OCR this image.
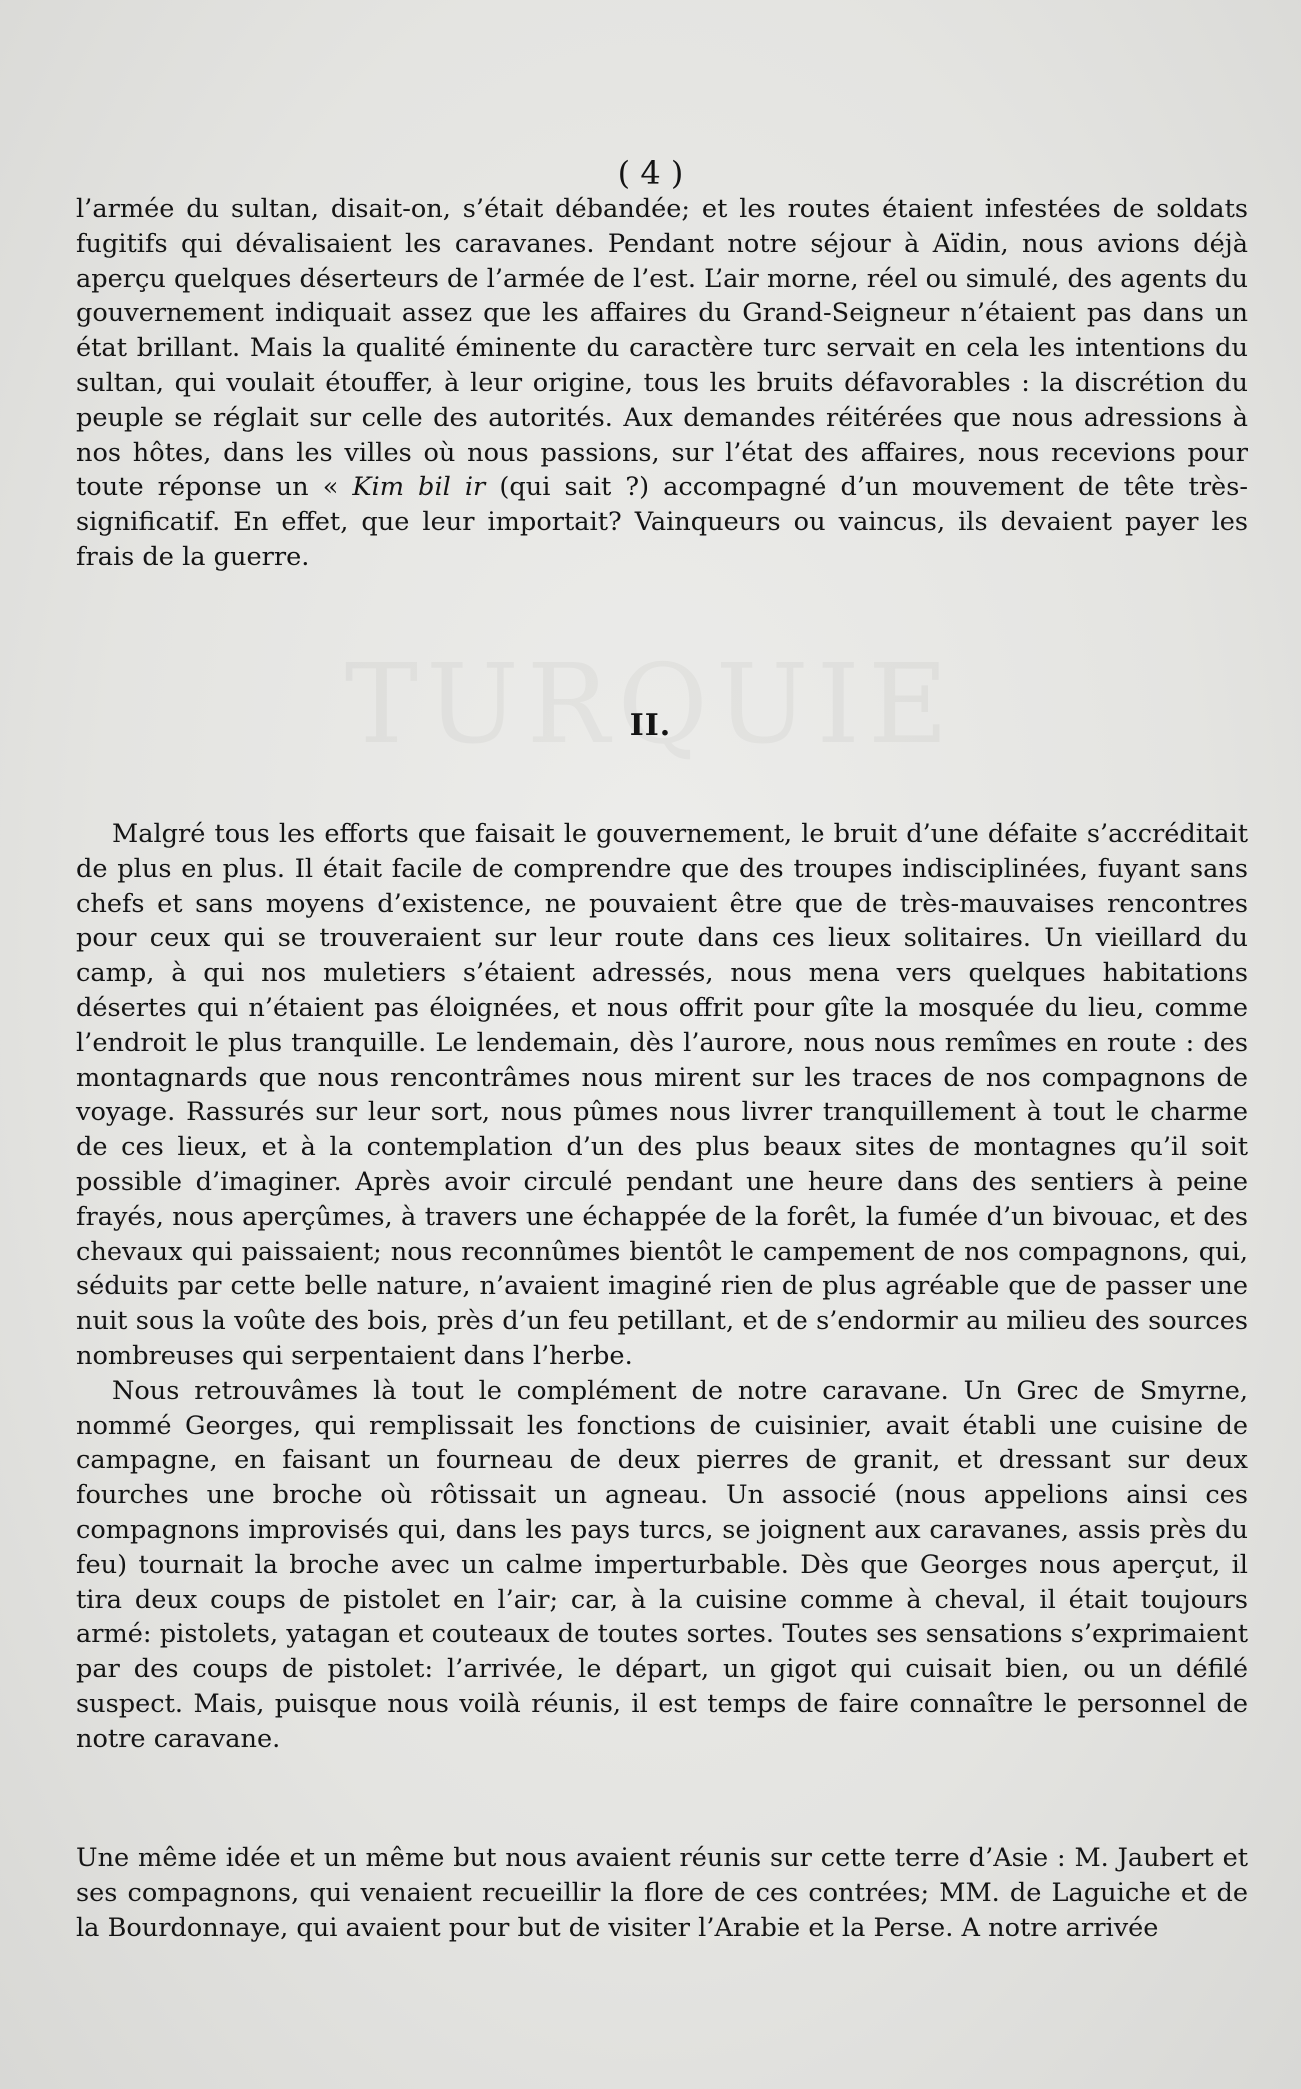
( 4 )

l’armée du sultan, disait-on, s’était débandée; et les routes étaient infestées de soldats fugitifs qui dévalisaient les caravanes. Pendant notre séjour à Aïdin, nous avions déjà aperçu quelques déserteurs de l’armée de l’est. L’air morne, réel ou simulé, des agents du gouvernement indiquait assez que les affaires du Grand-Seigneur n’étaient pas dans un état brillant. Mais la qualité éminente du caractère turc servait en cela les intentions du sultan, qui voulait étouffer, à leur origine, tous les bruits défavorables : la discrétion du peuple se réglait sur celle des autorités. Aux demandes réitérées que nous adressions à nos hôtes, dans les villes où nous passions, sur l’état des affaires, nous recevions pour toute réponse un « Kim bil ir (qui sait ?) accompagné d’un mouvement de tête très-significatif. En effet, que leur importait? Vainqueurs ou vaincus, ils devaient payer les frais de la guerre.

II.

Malgré tous les efforts que faisait le gouvernement, le bruit d’une défaite s’accréditait de plus en plus. Il était facile de comprendre que des troupes indisciplinées, fuyant sans chefs et sans moyens d’existence, ne pouvaient être que de très-mauvaises rencontres pour ceux qui se trouveraient sur leur route dans ces lieux solitaires. Un vieillard du camp, à qui nos muletiers s’étaient adressés, nous mena vers quelques habitations désertes qui n’étaient pas éloignées, et nous offrit pour gîte la mosquée du lieu, comme l’endroit le plus tranquille. Le lendemain, dès l’aurore, nous nous remîmes en route : des montagnards que nous rencontrâmes nous mirent sur les traces de nos compagnons de voyage. Rassurés sur leur sort, nous pûmes nous livrer tranquillement à tout le charme de ces lieux, et à la contemplation d’un des plus beaux sites de montagnes qu’il soit possible d’imaginer. Après avoir circulé pendant une heure dans des sentiers à peine frayés, nous aperçûmes, à travers une échappée de la forêt, la fumée d’un bivouac, et des chevaux qui paissaient; nous reconnûmes bientôt le campement de nos compagnons, qui, séduits par cette belle nature, n’avaient imaginé rien de plus agréable que de passer une nuit sous la voûte des bois, près d’un feu petillant, et de s’endormir au milieu des sources nombreuses qui serpentaient dans l’herbe.

Nous retrouvâmes là tout le complément de notre caravane. Un Grec de Smyrne, nommé Georges, qui remplissait les fonctions de cuisinier, avait établi une cuisine de campagne, en faisant un fourneau de deux pierres de granit, et dressant sur deux fourches une broche où rôtissait un agneau. Un associé (nous appelions ainsi ces compagnons improvisés qui, dans les pays turcs, se joignent aux caravanes, assis près du feu) tournait la broche avec un calme imperturbable. Dès que Georges nous aperçut, il tira deux coups de pistolet en l’air; car, à la cuisine comme à cheval, il était toujours armé: pistolets, yatagan et couteaux de toutes sortes. Toutes ses sensations s’exprimaient par des coups de pistolet: l’arrivée, le départ, un gigot qui cuisait bien, ou un défilé suspect. Mais, puisque nous voilà réunis, il est temps de faire connaître le personnel de notre caravane.

Une même idée et un même but nous avaient réunis sur cette terre d’Asie : M. Jaubert et ses compagnons, qui venaient recueillir la flore de ces contrées; MM. de Laguiche et de la Bourdonnaye, qui avaient pour but de visiter l’Arabie et la Perse. A notre arrivée
